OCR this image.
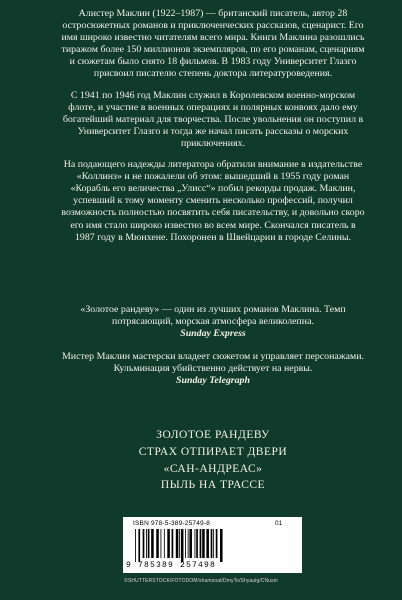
Алистер Маклин (1922–1987) — британский писатель, автор 28 остросюжетных романов и приключенческих рассказов, сценарист. Его имя широко известно читателям всего мира. Книги Маклина разошлись тиражом более 150 миллионов экземпляров, по его романам, сценариям и сюжетам было снято 18 фильмов. В 1983 году Университет Глазго присвоил писателю степень доктора литературоведения.

С 1941 по 1946 год Маклин служил в Королевском военно-морском флоте, и участие в военных операциях и полярных конвоях дало ему богатейший материал для творчества. После увольнения он поступил в Университет Глазго и тогда же начал писать рассказы о морских приключениях.

На подающего надежды литератора обратили внимание в издательстве «Коллинз» и не пожалели об этом: вышедший в 1955 году роман «Корабль его величества „Улисс“» побил рекорды продаж. Маклин, успевший к тому моменту сменить несколько профессий, получил возможность полностью посвятить себя писательству, и довольно скоро его имя стало широко известно во всем мире. Скончался писатель в 1987 году в Мюнхене. Похоронен в Швейцарии в городе Селины.

«Золотое рандеву» — один из лучших романов Маклина. Темп потрясающий, морская атмосфера великолепна.
Sunday Express
Мистер Маклин мастерски владеет сюжетом и управляет персонажами. Кульминация убийственно действует на нервы.
Sunday Telegraph
ЗОЛОТОЕ РАНДЕВУ
СТРАХ ОТПИРАЕТ ДВЕРИ
«САН-АНДРЕАС»
ПЫЛЬ НА ТРАССЕ
ISBN 978-5-389-25749-8	01
9 785389 257498
©SHUTTERSTOCK/FOTODOM/shamsoat/DmyTo/Shyaulg/CNusin
